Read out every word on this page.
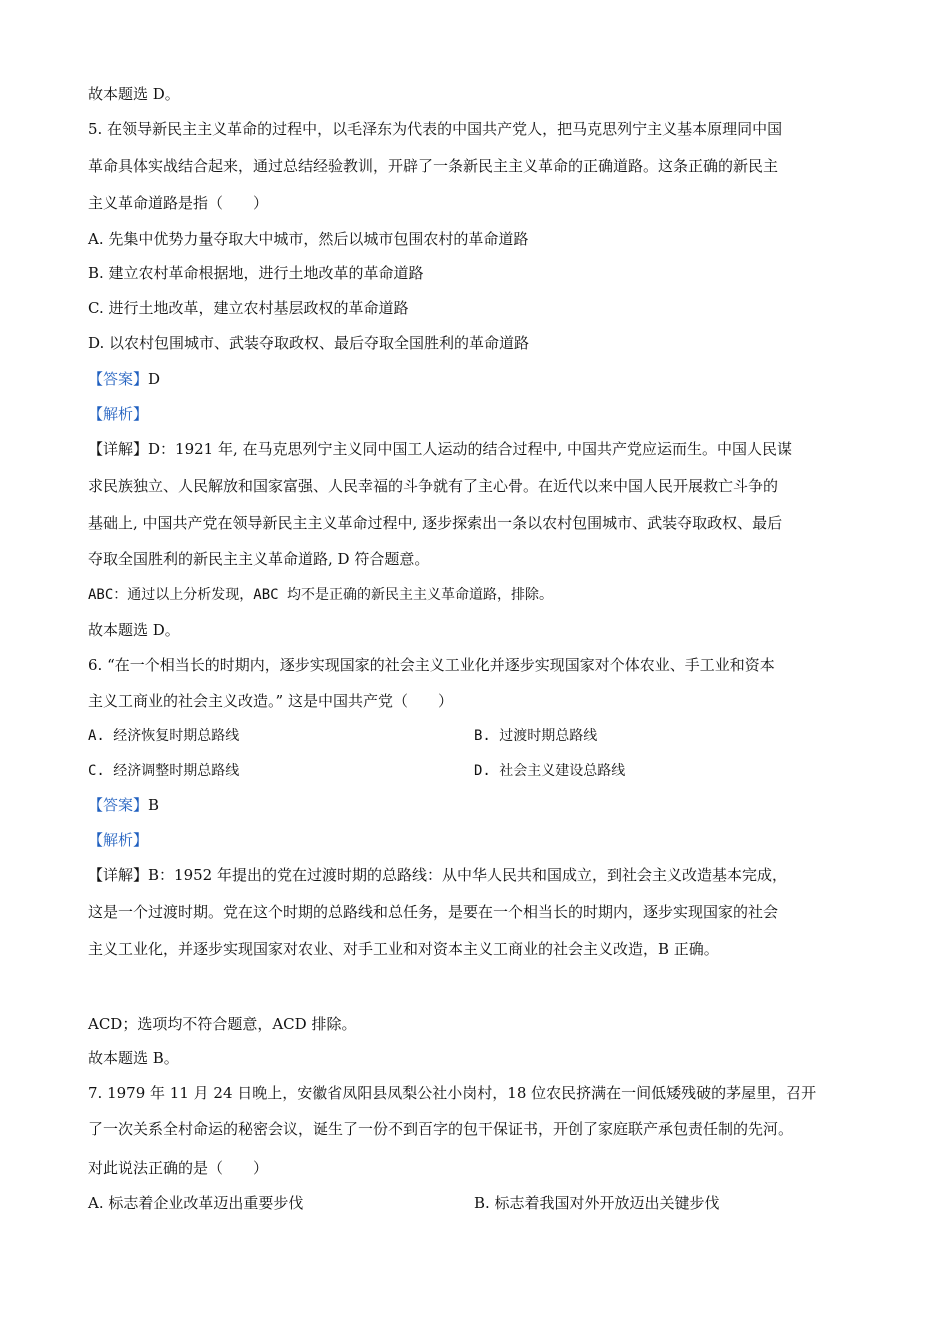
故本题选 D。
5. 在领导新民主主义革命的过程中，以毛泽东为代表的中国共产党人，把马克思列宁主义基本原理同中国
革命具体实战结合起来，通过总结经验教训，开辟了一条新民主主义革命的正确道路。这条正确的新民主
主义革命道路是指（　　）
A. 先集中优势力量夺取大中城市，然后以城市包围农村的革命道路
B. 建立农村革命根据地，进行土地改革的革命道路
C. 进行土地改革，建立农村基层政权的革命道路
D. 以农村包围城市、武装夺取政权、最后夺取全国胜利的革命道路
【答案】D
【解析】
【详解】D：1921 年, 在马克思列宁主义同中国工人运动的结合过程中, 中国共产党应运而生。中国人民谋
求民族独立、人民解放和国家富强、人民幸福的斗争就有了主心骨。在近代以来中国人民开展救亡斗争的
基础上, 中国共产党在领导新民主主义革命过程中, 逐步探索出一条以农村包围城市、武装夺取政权、最后
夺取全国胜利的新民主主义革命道路, D 符合题意。
ABC：通过以上分析发现，ABC 均不是正确的新民主主义革命道路，排除。
故本题选 D。
6. “在一个相当长的时期内，逐步实现国家的社会主义工业化并逐步实现国家对个体农业、手工业和资本
主义工商业的社会主义改造。” 这是中国共产党（　　）
A. 经济恢复时期总路线	B. 过渡时期总路线
C. 经济调整时期总路线	D. 社会主义建设总路线
【答案】B
【解析】
【详解】B：1952 年提出的党在过渡时期的总路线：从中华人民共和国成立，到社会主义改造基本完成，
这是一个过渡时期。党在这个时期的总路线和总任务，是要在一个相当长的时期内，逐步实现国家的社会
主义工业化，并逐步实现国家对农业、对手工业和对资本主义工商业的社会主义改造，B 正确。
ACD；选项均不符合题意，ACD 排除。
故本题选 B。
7. 1979 年 11 月 24 日晚上，安徽省凤阳县凤梨公社小岗村，18 位农民挤满在一间低矮残破的茅屋里，召开
了一次关系全村命运的秘密会议，诞生了一份不到百字的包干保证书，开创了家庭联产承包责任制的先河。
对此说法正确的是（　　）
A. 标志着企业改革迈出重要步伐	B. 标志着我国对外开放迈出关键步伐
